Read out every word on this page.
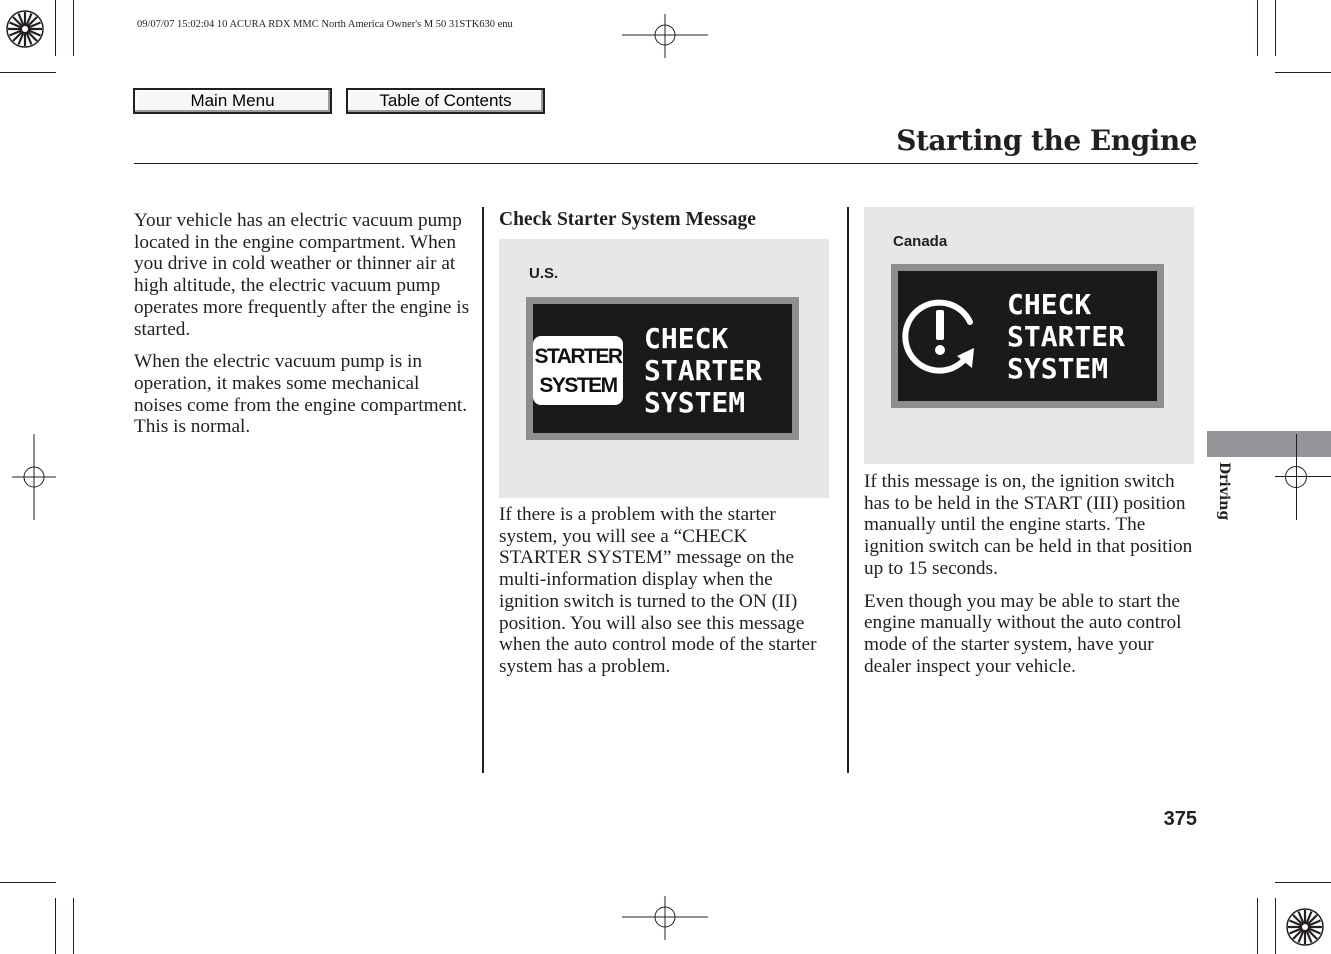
09/07/07 15:02:04 10 ACURA RDX MMC North America Owner's M 50 31STK630 enu
Main Menu	Table of Contents
Starting the Engine

Your vehicle has an electric vacuum pump located in the engine compartment. When you drive in cold weather or thinner air at high altitude, the electric vacuum pump operates more frequently after the engine is started.

When the electric vacuum pump is in operation, it makes some mechanical noises come from the engine compartment. This is normal.

Check Starter System Message
U.S.
STARTER
SYSTEM
CHECK
STARTER
SYSTEM

If there is a problem with the starter system, you will see a “CHECK STARTER SYSTEM” message on the multi-information display when the ignition switch is turned to the ON (II) position. You will also see this message when the auto control mode of the starter system has a problem.

Canada
CHECK
STARTER
SYSTEM

If this message is on, the ignition switch has to be held in the START (III) position manually until the engine starts. The ignition switch can be held in that position up to 15 seconds.

Even though you may be able to start the engine manually without the auto control mode of the starter system, have your dealer inspect your vehicle.

Driving
375
